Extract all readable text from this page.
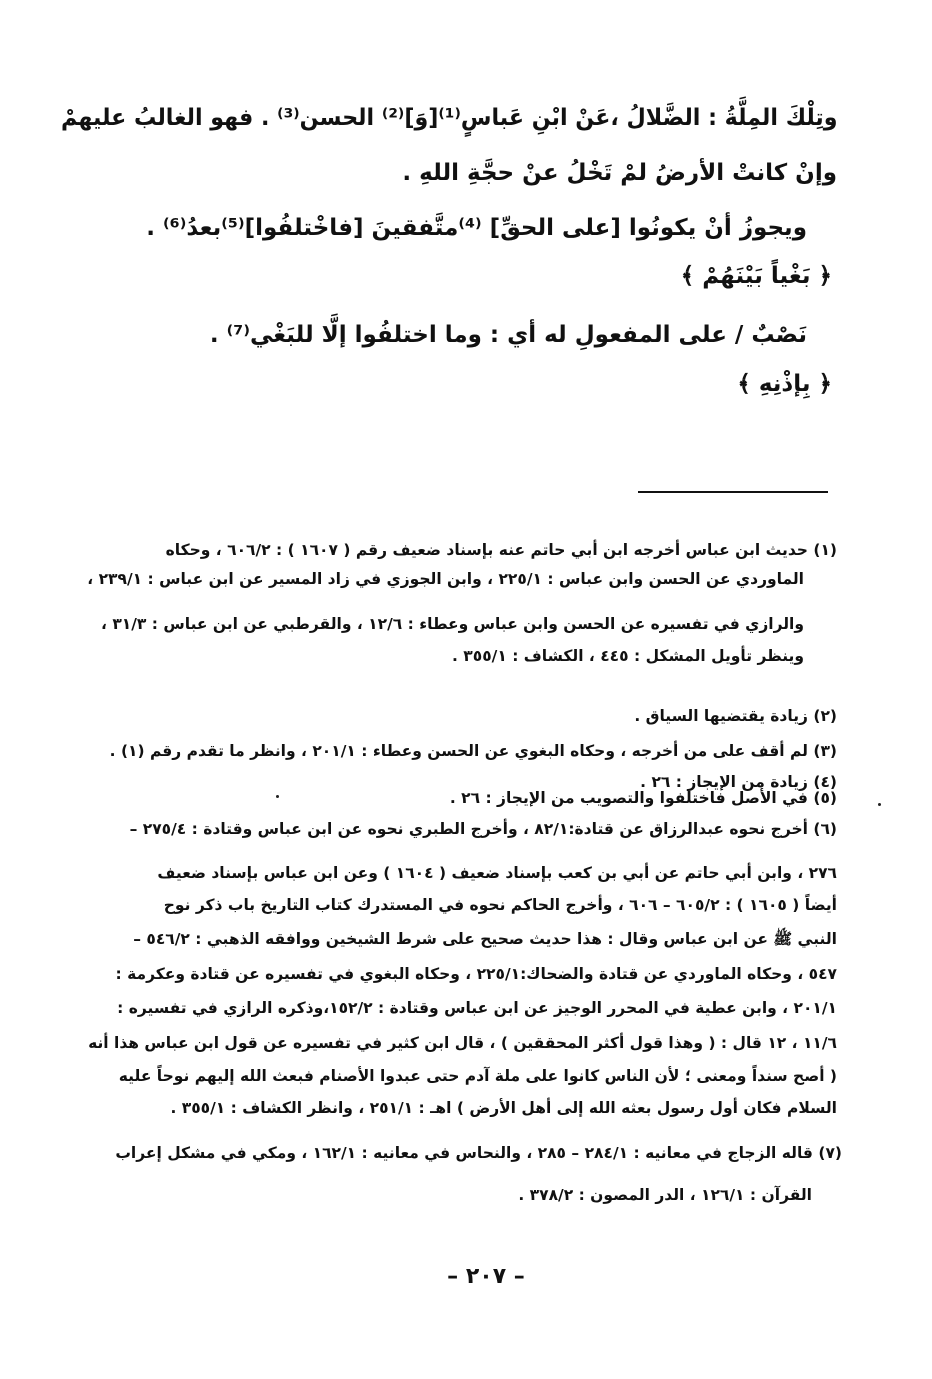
وتِلْكَ المِلَّةُ : الضَّلالُ ،عَنْ ابْنِ عَباسٍ⁽¹⁾[وَ]⁽²⁾ الحسن⁽³⁾ . فهو الغالبُ عليهمْ
وإنْ كانتْ الأرضُ لمْ تَخْلُ عنْ حجَّةِ اللهِ .
ويجوزُ أنْ يكونُوا [على الحقِّ] ⁽⁴⁾متَّفقينَ [فاخْتلفُوا]⁽⁵⁾بعدُ⁽⁶⁾ .
﴿ بَغْياً بَيْنَهُمْ ﴾
نَصْبٌ / على المفعولِ له أي : وما اختلفُوا إلَّا للبَغْي⁽⁷⁾ .
﴿ بِإذْنِهِ ﴾
(١) حديث ابن عباس أخرجه ابن أبي حاتم عنه بإسناد ضعيف رقم ( ١٦٠٧ ) : ٦٠٦/٢ ، وحكاه
الماوردي عن الحسن وابن عباس : ٢٢٥/١ ، وابن الجوزي في زاد المسير عن ابن عباس : ٢٣٩/١ ،
والرازي في تفسيره عن الحسن وابن عباس وعطاء : ١٢/٦ ، والقرطبي عن ابن عباس : ٣١/٣ ،
وينظر تأويل المشكل : ٤٤٥ ، الكشاف : ٣٥٥/١ .
(٢) زيادة يقتضيها السياق .
(٣) لم أقف على من أخرجه ، وحكاه البغوي عن الحسن وعطاء : ٢٠١/١ ، وانظر ما تقدم رقم (١) .
(٤) زيادة من الإيجاز : ٢٦ .
(٥) في الأصل فاختلفوا والتصويب من الإيجاز : ٢٦ .
(٦) أخرج نحوه عبدالرزاق عن قتادة:٨٢/١ ، وأخرج الطبري نحوه عن ابن عباس وقتادة : ٢٧٥/٤ –
٢٧٦ ، وابن أبي حاتم عن أبي بن كعب بإسناد ضعيف ( ١٦٠٤ ) وعن ابن عباس بإسناد ضعيف
أيضاً ( ١٦٠٥ ) : ٦٠٥/٢ – ٦٠٦ ، وأخرج الحاكم نحوه في المستدرك كتاب التاريخ باب ذكر نوح
النبي ﷺ عن ابن عباس وقال : هذا حديث صحيح على شرط الشيخين ووافقه الذهبي : ٥٤٦/٢ –
٥٤٧ ، وحكاه الماوردي عن قتادة والضحاك:٢٢٥/١ ، وحكاه البغوي في تفسيره عن قتادة وعكرمة :
٢٠١/١ ، وابن عطية في المحرر الوجيز عن ابن عباس وقتادة : ١٥٢/٢،وذكره الرازي في تفسيره :
١١/٦ ، ١٢ قال : ( وهذا قول أكثر المحققين ) ، قال ابن كثير في تفسيره عن قول ابن عباس هذا أنه
( أصح سنداً ومعنى ؛ لأن الناس كانوا على ملة آدم حتى عبدوا الأصنام فبعث الله إليهم نوحاً عليه
السلام فكان أول رسول بعثه الله إلى أهل الأرض ) اهـ : ٢٥١/١ ، وانظر الكشاف : ٣٥٥/١ .
(٧) قاله الزجاج في معانيه : ٢٨٤/١ – ٢٨٥ ، والنحاس في معانيه : ١٦٢/١ ، ومكي في مشكل إعراب
القرآن : ١٢٦/١ ، الدر المصون : ٣٧٨/٢ .
– ٢٠٧ –
